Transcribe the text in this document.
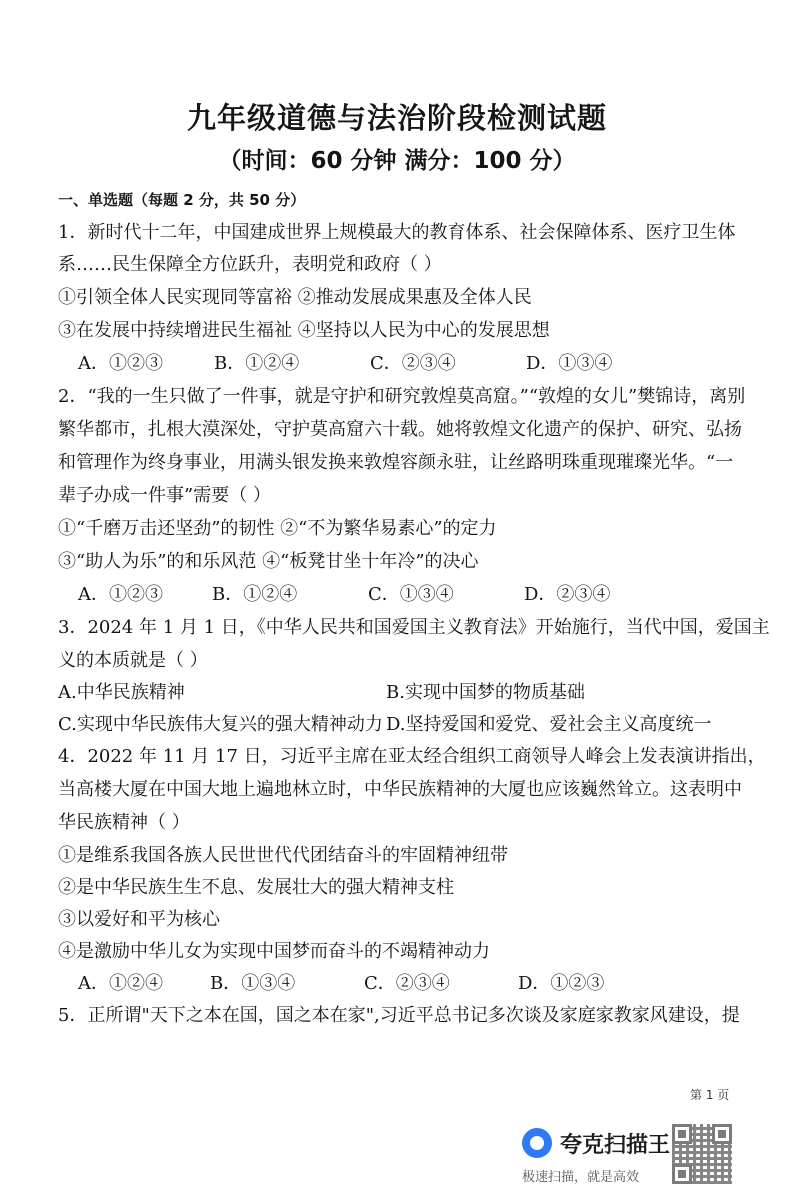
九年级道德与法治阶段检测试题
（时间：60 分钟 满分：100 分）
一、单选题（每题 2 分，共 50 分）
1．新时代十二年，中国建成世界上规模最大的教育体系、社会保障体系、医疗卫生体
系……民生保障全方位跃升，表明党和政府（ ）
①引领全体人民实现同等富裕 ②推动发展成果惠及全体人民
③在发展中持续增进民生福祉 ④坚持以人民为中心的发展思想
A．①②③	B．①②④	C．②③④	D．①③④
2．“我的一生只做了一件事，就是守护和研究敦煌莫高窟。”“敦煌的女儿”樊锦诗，离别
繁华都市，扎根大漠深处，守护莫高窟六十载。她将敦煌文化遗产的保护、研究、弘扬
和管理作为终身事业，用满头银发换来敦煌容颜永驻，让丝路明珠重现璀璨光华。“一
辈子办成一件事”需要（ ）
①“千磨万击还坚劲”的韧性 ②“不为繁华易素心”的定力
③“助人为乐”的和乐风范 ④“板凳甘坐十年冷”的决心
A．①②③	B．①②④	C．①③④	D．②③④
3．2024 年 1 月 1 日，《中华人民共和国爱国主义教育法》开始施行，当代中国，爱国主
义的本质就是（ ）
A.中华民族精神	B.实现中国梦的物质基础
C.实现中华民族伟大复兴的强大精神动力 D.坚持爱国和爱党、爱社会主义高度统一
4．2022 年 11 月 17 日，习近平主席在亚太经合组织工商领导人峰会上发表演讲指出，
当高楼大厦在中国大地上遍地林立时，中华民族精神的大厦也应该巍然耸立。这表明中
华民族精神（ ）
①是维系我国各族人民世世代代团结奋斗的牢固精神纽带
②是中华民族生生不息、发展壮大的强大精神支柱
③以爱好和平为核心
④是激励中华儿女为实现中国梦而奋斗的不竭精神动力
A．①②④	B．①③④	C．②③④	D．①②③
5．正所谓"天下之本在国，国之本在家",习近平总书记多次谈及家庭家教家风建设，提
第 1 页
夸克扫描王
极速扫描，就是高效
